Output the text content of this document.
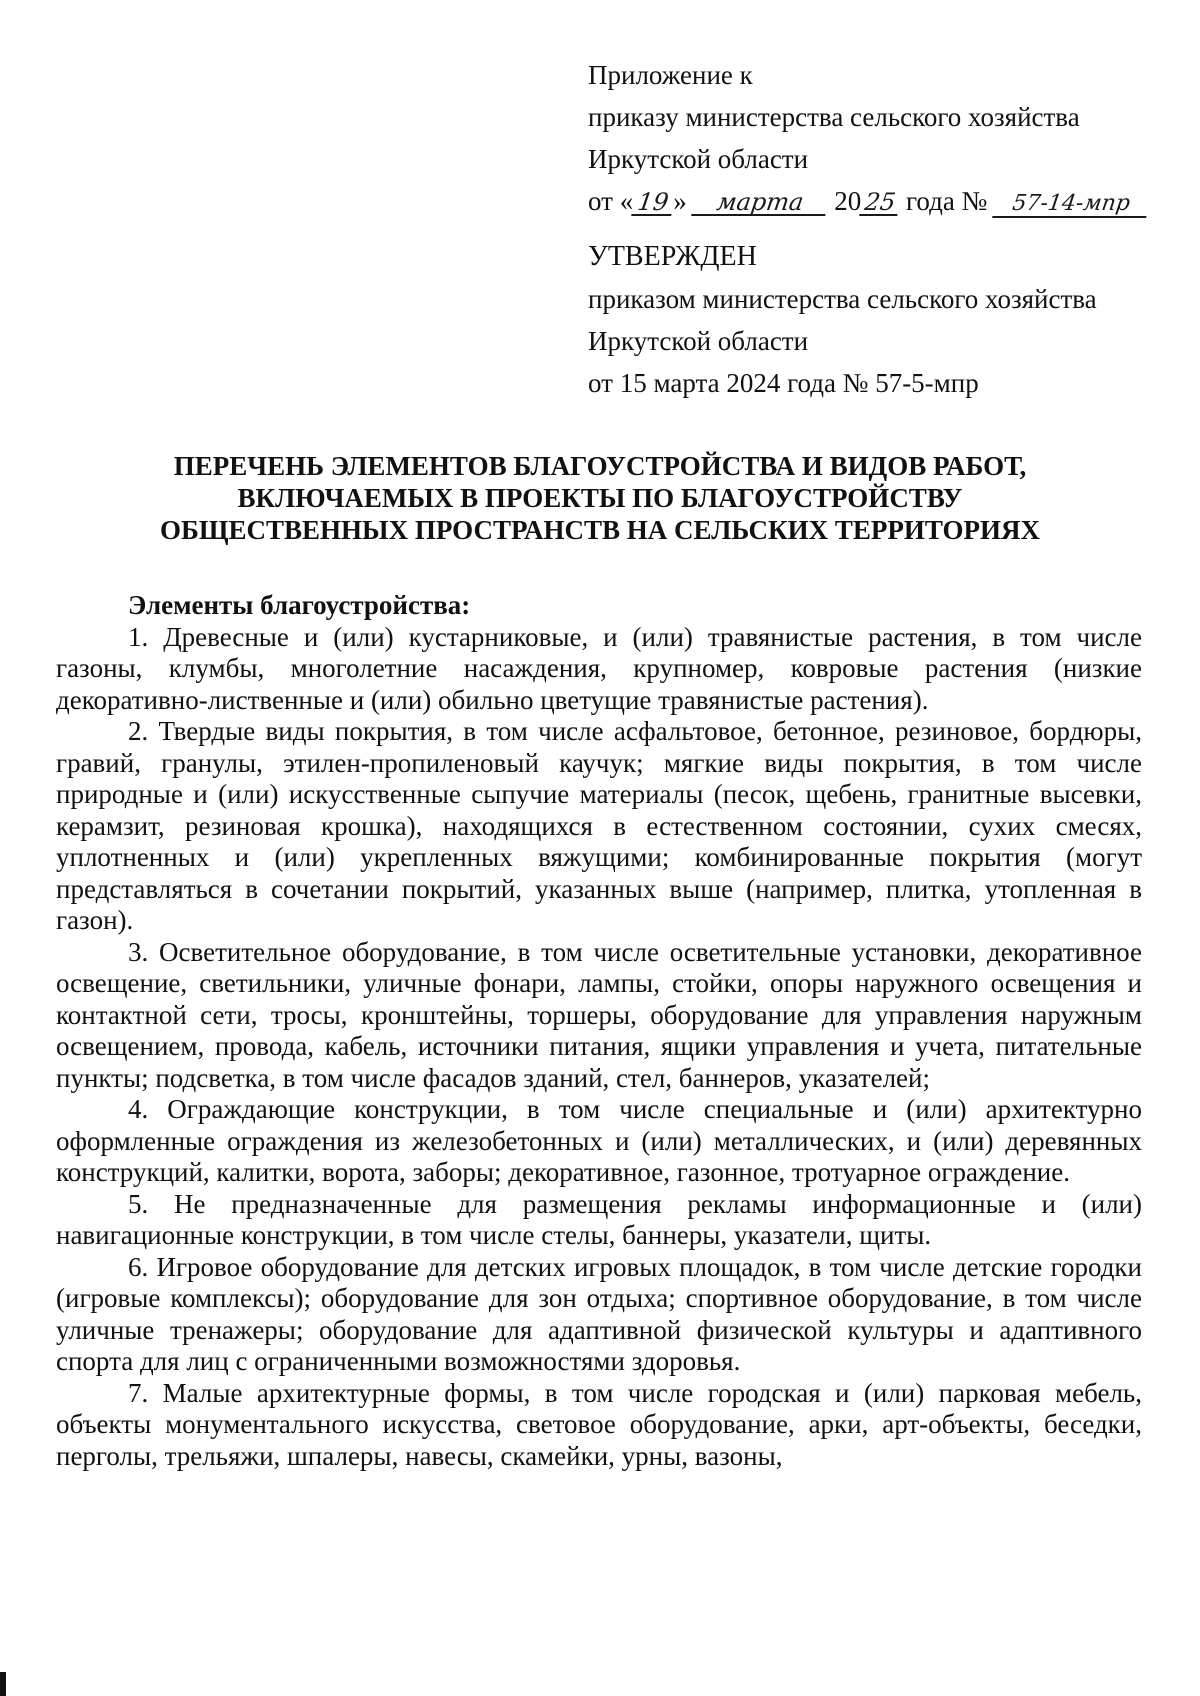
Приложение к
приказу министерства сельского хозяйства
Иркутской области
от « 19» марта 2025 года № 57-14-мпр
УТВЕРЖДЕН
приказом министерства сельского хозяйства
Иркутской области
от 15 марта 2024 года № 57-5-мпр
ПЕРЕЧЕНЬ ЭЛЕМЕНТОВ БЛАГОУСТРОЙСТВА И ВИДОВ РАБОТ,
ВКЛЮЧАЕМЫХ В ПРОЕКТЫ ПО БЛАГОУСТРОЙСТВУ
ОБЩЕСТВЕННЫХ ПРОСТРАНСТВ НА СЕЛЬСКИХ ТЕРРИТОРИЯХ

Элементы благоустройства:

1. Древесные и (или) кустарниковые, и (или) травянистые растения, в том числе газоны, клумбы, многолетние насаждения, крупномер, ковровые растения (низкие декоративно-лиственные и (или) обильно цветущие травянистые растения).

2. Твердые виды покрытия, в том числе асфальтовое, бетонное, резиновое, бордюры, гравий, гранулы, этилен-пропиленовый каучук; мягкие виды покрытия, в том числе природные и (или) искусственные сыпучие материалы (песок, щебень, гранитные высевки, керамзит, резиновая крошка), находящихся в естественном состоянии, сухих смесях, уплотненных и (или) укрепленных вяжущими; комбинированные покрытия (могут представляться в сочетании покрытий, указанных выше (например, плитка, утопленная в газон).

3. Осветительное оборудование, в том числе осветительные установки, декоративное освещение, светильники, уличные фонари, лампы, стойки, опоры наружного освещения и контактной сети, тросы, кронштейны, торшеры, оборудование для управления наружным освещением, провода, кабель, источники питания, ящики управления и учета, питательные пункты; подсветка, в том числе фасадов зданий, стел, баннеров, указателей;

4. Ограждающие конструкции, в том числе специальные и (или) архитектурно оформленные ограждения из железобетонных и (или) металлических, и (или) деревянных конструкций, калитки, ворота, заборы; декоративное, газонное, тротуарное ограждение.

5. Не предназначенные для размещения рекламы информационные и (или) навигационные конструкции, в том числе стелы, баннеры, указатели, щиты.

6. Игровое оборудование для детских игровых площадок, в том числе детские городки (игровые комплексы); оборудование для зон отдыха; спортивное оборудование, в том числе уличные тренажеры; оборудование для адаптивной физической культуры и адаптивного спорта для лиц с ограниченными возможностями здоровья.

7. Малые архитектурные формы, в том числе городская и (или) парковая мебель, объекты монументального искусства, световое оборудование, арки, арт-объекты, беседки, перголы, трельяжи, шпалеры, навесы, скамейки, урны, вазоны,
